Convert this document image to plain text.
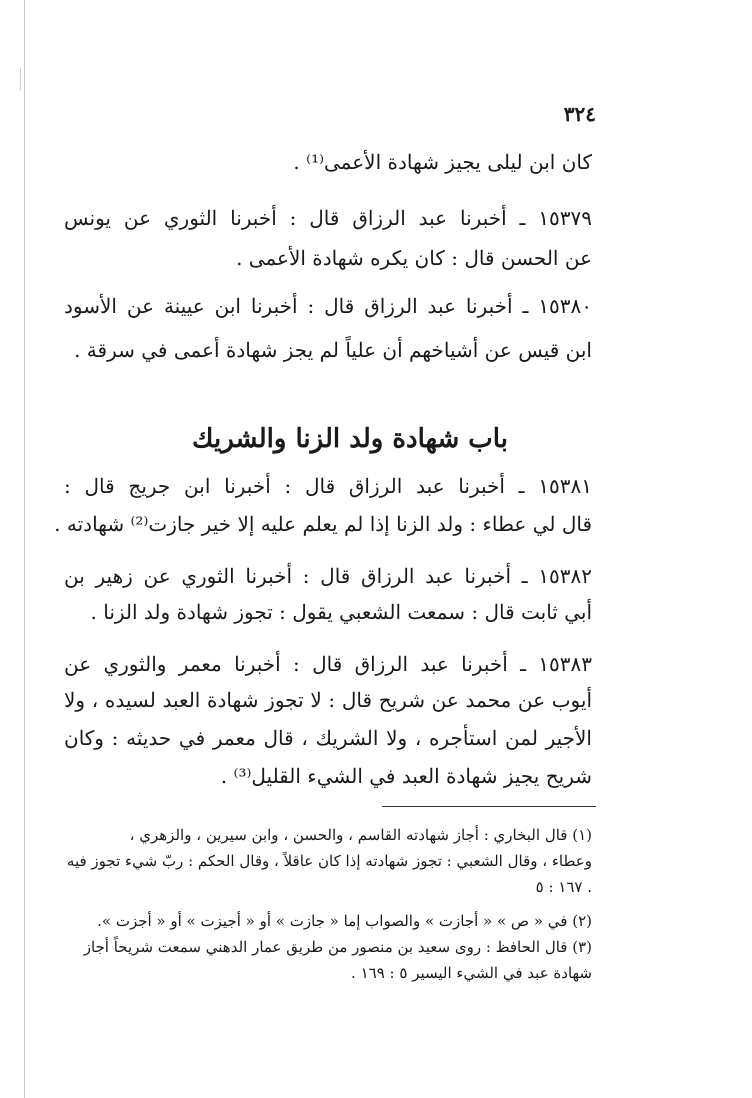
٣٢٤
كان ابن ليلى يجيز شهادة الأعمى⁽¹⁾ .
١٥٣٧٩ ـ أخبرنا عبد الرزاق قال : أخبرنا الثوري عن يونس
عن الحسن قال : كان يكره شهادة الأعمى .
١٥٣٨٠ ـ أخبرنا عبد الرزاق قال : أخبرنا ابن عيينة عن الأسود
ابن قيس عن أشياخهم أن علياً لم يجز شهادة أعمى في سرقة .
باب شهادة ولد الزنا والشريك
١٥٣٨١ ـ أخبرنا عبد الرزاق قال : أخبرنا ابن جريج قال :
قال لي عطاء : ولد الزنا إذا لم يعلم عليه إلا خير جازت⁽²⁾ شهادته .
١٥٣٨٢ ـ أخبرنا عبد الرزاق قال : أخبرنا الثوري عن زهير بن
أبي ثابت قال : سمعت الشعبي يقول : تجوز شهادة ولد الزنا .
١٥٣٨٣ ـ أخبرنا عبد الرزاق قال : أخبرنا معمر والثوري عن
أيوب عن محمد عن شريح قال : لا تجوز شهادة العبد لسيده ، ولا
الأجير لمن استأجره ، ولا الشريك ، قال معمر في حديثه : وكان
شريح يجيز شهادة العبد في الشيء القليل⁽³⁾ .
(١) قال البخاري : أجاز شهادته القاسم ، والحسن ، وابن سيرين ، والزهري ،
وعطاء ، وقال الشعبي : تجوز شهادته إذا كان عاقلاً ، وقال الحكم : ربّ شيء تجوز فيه
. ١٦٧ : ٥
(٢) في « ص » « أجازت » والصواب إما « جازت » أو « أجيزت » أو « أجزت ».
(٣) قال الحافظ : روى سعيد بن منصور من طريق عمار الدهني سمعت شريحاً أجاز
شهادة عبد في الشيء اليسير ٥ : ١٦٩ .
